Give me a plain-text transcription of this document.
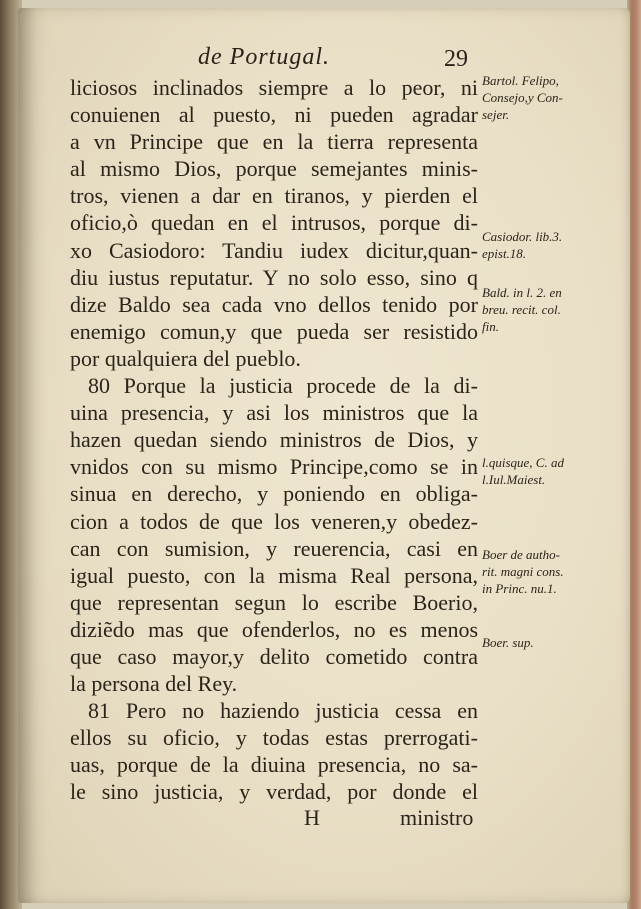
de Portugal.	29
liciosos inclinados siempre a lo peor, ni
conuienen al puesto, ni pueden agradar
a vn Principe que en la tierra representa
al mismo Dios, porque semejantes minis-
tros, vienen a dar en tiranos, y pierden el
oficio,ò quedan en el intrusos, porque di-
xo Casiodoro: Tandiu iudex dicitur,quan-
diu iustus reputatur. Y no solo esso, sino q
dize Baldo sea cada vno dellos tenido por
enemigo comun,y que pueda ser resistido
por qualquiera del pueblo.
80 Porque la justicia procede de la di-
uina presencia, y asi los ministros que la
hazen quedan siendo ministros de Dios, y
vnidos con su mismo Principe,como se in
sinua en derecho, y poniendo en obliga-
cion a todos de que los veneren,y obedez-
can con sumision, y reuerencia, casi en
igual puesto, con la misma Real persona,
que representan segun lo escribe Boerio,
diziẽdo mas que ofenderlos, no es menos
que caso mayor,y delito cometido contra
la persona del Rey.
81 Pero no haziendo justicia cessa en
ellos su oficio, y todas estas prerrogati-
uas, porque de la diuina presencia, no sa-
le sino justicia, y verdad, por donde el
Bartol. Felipo,
Consejo,y Con-
sejer.
Casiodor. lib.3.
epist.18.
Bald. in l. 2. en
breu. recit. col.
fin.
l.quisque, C. ad
l.Iul.Maiest.
Boer de autho-
rit. magni cons.
in Princ. nu.1.
Boer. sup.
H	ministro
